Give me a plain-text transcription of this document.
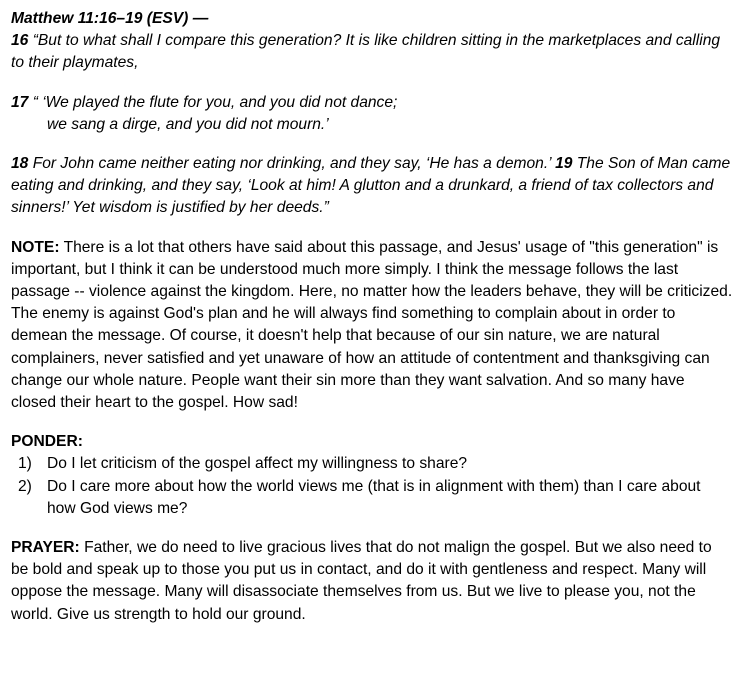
Matthew 11:16–19 (ESV) —

16 “But to what shall I compare this generation? It is like children sitting in the marketplaces and calling to their playmates,

17 “ ‘We played the flute for you, and you did not dance;

we sang a dirge, and you did not mourn.’

18 For John came neither eating nor drinking, and they say, ‘He has a demon.’ 19 The Son of Man came eating and drinking, and they say, ‘Look at him! A glutton and a drunkard, a friend of tax collectors and sinners!’ Yet wisdom is justified by her deeds.”

NOTE: There is a lot that others have said about this passage, and Jesus' usage of "this generation" is important, but I think it can be understood much more simply. I think the message follows the last passage -- violence against the kingdom. Here, no matter how the leaders behave, they will be criticized. The enemy is against God's plan and he will always find something to complain about in order to demean the message. Of course, it doesn't help that because of our sin nature, we are natural complainers, never satisfied and yet unaware of how an attitude of contentment and thanksgiving can change our whole nature. People want their sin more than they want salvation. And so many have closed their heart to the gospel. How sad!

PONDER:
1) Do I let criticism of the gospel affect my willingness to share?
2) Do I care more about how the world views me (that is in alignment with them) than I care about how God views me?

PRAYER: Father, we do need to live gracious lives that do not malign the gospel. But we also need to be bold and speak up to those you put us in contact, and do it with gentleness and respect. Many will oppose the message. Many will disassociate themselves from us. But we live to please you, not the world. Give us strength to hold our ground.
